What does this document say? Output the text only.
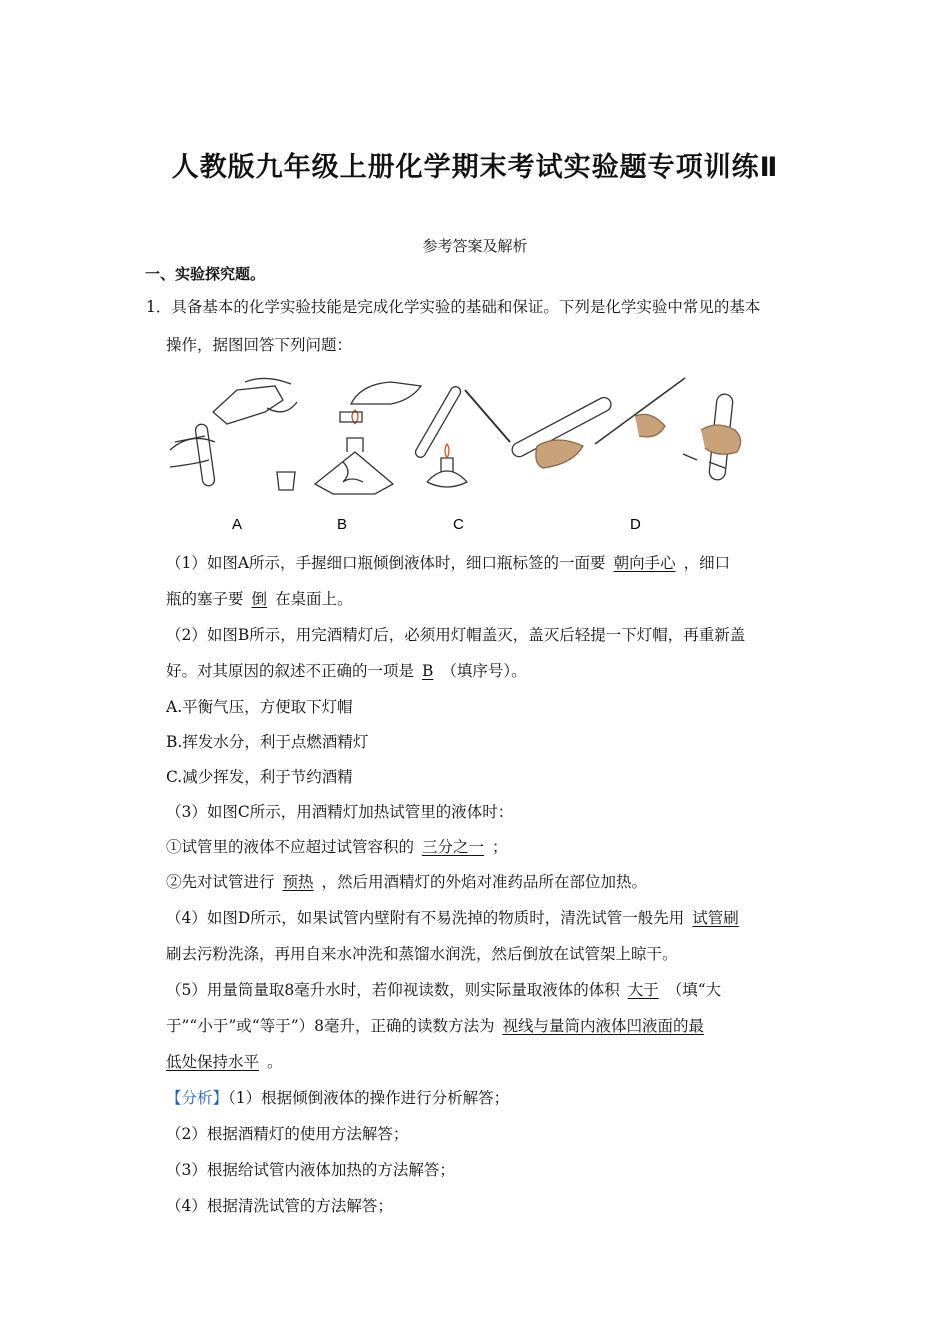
人教版九年级上册化学期末考试实验题专项训练Ⅱ
参考答案及解析
一、实验探究题。
1．具备基本的化学实验技能是完成化学实验的基础和保证。下列是化学实验中常见的基本
操作，据图回答下列问题：
A	B	C	D
（1）如图A所示，手握细口瓶倾倒液体时，细口瓶标签的一面要 朝向手心 ，细口
瓶的塞子要 倒 在桌面上。
（2）如图B所示，用完酒精灯后，必须用灯帽盖灭，盖灭后轻提一下灯帽，再重新盖
好。对其原因的叙述不正确的一项是 B （填序号）。
A.平衡气压，方便取下灯帽
B.挥发水分，利于点燃酒精灯
C.减少挥发，利于节约酒精
（3）如图C所示，用酒精灯加热试管里的液体时：
①试管里的液体不应超过试管容积的 三分之一 ；
②先对试管进行 预热 ，然后用酒精灯的外焰对准药品所在部位加热。
（4）如图D所示，如果试管内壁附有不易洗掉的物质时，清洗试管一般先用 试管刷
刷去污粉洗涤，再用自来水冲洗和蒸馏水润洗，然后倒放在试管架上晾干。
（5）用量筒量取8毫升水时，若仰视读数，则实际量取液体的体积 大于 （填“大
于”“小于”或“等于”）8毫升，正确的读数方法为 视线与量筒内液体凹液面的最
低处保持水平 。
【分析】（1）根据倾倒液体的操作进行分析解答；
（2）根据酒精灯的使用方法解答；
（3）根据给试管内液体加热的方法解答；
（4）根据清洗试管的方法解答；
